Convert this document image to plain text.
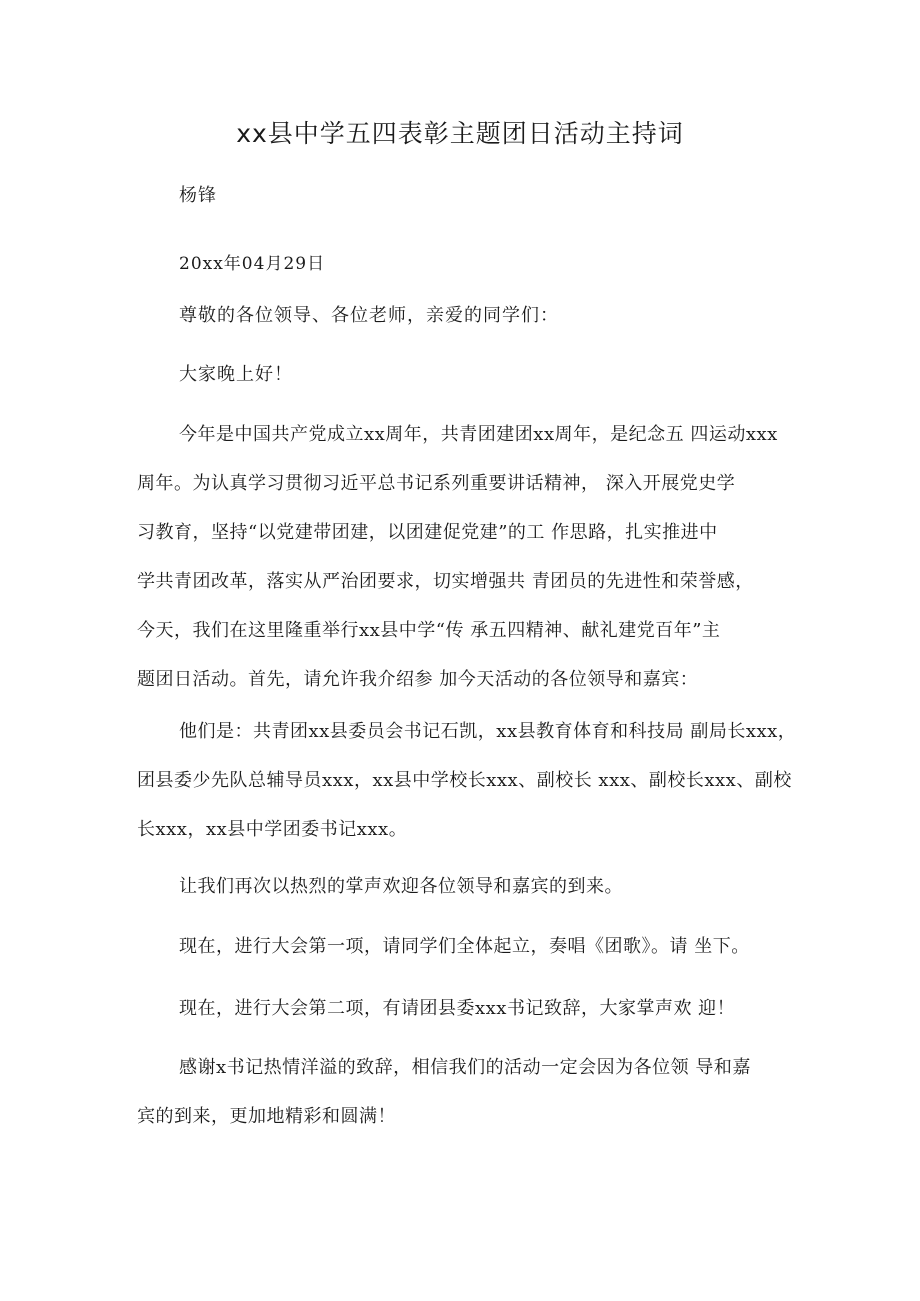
xx县中学五四表彰主题团日活动主持词
杨锋
20xx年04月29日
尊敬的各位领导、各位老师，亲爱的同学们：
大家晚上好！
今年是中国共产党成立xx周年，共青团建团xx周年，是纪念五 四运动xxx
周年。为认真学习贯彻习近平总书记系列重要讲话精神， 深入开展党史学
习教育，坚持“以党建带团建，以团建促党建”的工 作思路，扎实推进中
学共青团改革，落实从严治团要求，切实增强共 青团员的先进性和荣誉感，
今天，我们在这里隆重举行xx县中学“传 承五四精神、献礼建党百年”主
题团日活动。首先，请允许我介绍参 加今天活动的各位领导和嘉宾：
他们是：共青团xx县委员会书记石凯，xx县教育体育和科技局 副局长xxx，
团县委少先队总辅导员xxx，xx县中学校长xxx、副校长 xxx、副校长xxx、副校
长xxx，xx县中学团委书记xxx。
让我们再次以热烈的掌声欢迎各位领导和嘉宾的到来。
现在，进行大会第一项，请同学们全体起立，奏唱《团歌》。请 坐下。
现在，进行大会第二项，有请团县委xxx书记致辞，大家掌声欢 迎！
感谢x书记热情洋溢的致辞，相信我们的活动一定会因为各位领 导和嘉
宾的到来，更加地精彩和圆满！
